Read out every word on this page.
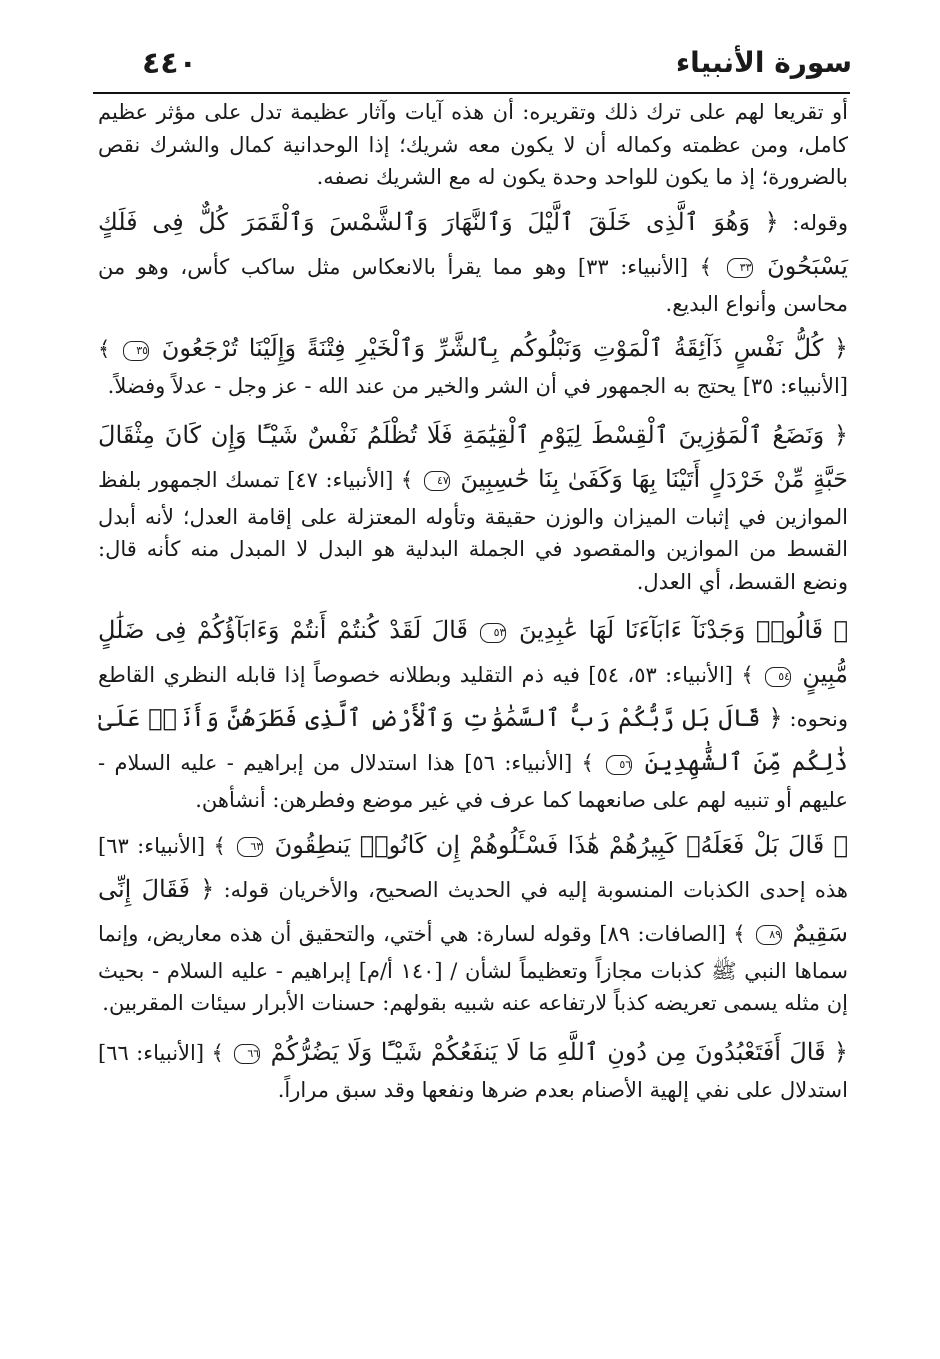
٤٤٠	سورة الأنبياء

أو تقريعا لهم على ترك ذلك وتقريره: أن هذه آيات وآثار عظيمة تدل على مؤثر عظيم كامل، ومن عظمته وكماله أن لا يكون معه شريك؛ إذا الوحدانية كمال والشرك نقص بالضرورة؛ إذ ما يكون للواحد وحدة يكون له مع الشريك نصفه.

وقوله: ﴿ وَهُوَ ٱلَّذِى خَلَقَ ٱلَّيْلَ وَٱلنَّهَارَ وَٱلشَّمْسَ وَٱلْقَمَرَ كُلٌّ فِى فَلَكٍ يَسْبَحُونَ ٣٣ ﴾ [الأنبياء: ٣٣] وهو مما يقرأ بالانعكاس مثل ساكب كأس، وهو من محاسن وأنواع البديع.

﴿ كُلُّ نَفْسٍ ذَآئِقَةُ ٱلْمَوْتِ وَنَبْلُوكُم بِٱلشَّرِّ وَٱلْخَيْرِ فِتْنَةً وَإِلَيْنَا تُرْجَعُونَ ٣٥ ﴾ [الأنبياء: ٣٥] يحتج به الجمهور في أن الشر والخير من عند الله - عز وجل - عدلاً وفضلاً.

﴿ وَنَضَعُ ٱلْمَوَٰزِينَ ٱلْقِسْطَ لِيَوْمِ ٱلْقِيَٰمَةِ فَلَا تُظْلَمُ نَفْسٌ شَيْـًٔا وَإِن كَانَ مِثْقَالَ حَبَّةٍ مِّنْ خَرْدَلٍ أَتَيْنَا بِهَا وَكَفَىٰ بِنَا حَٰسِبِينَ ٤٧ ﴾ [الأنبياء: ٤٧] تمسك الجمهور بلفظ الموازين في إثبات الميزان والوزن حقيقة وتأوله المعتزلة على إقامة العدل؛ لأنه أبدل القسط من الموازين والمقصود في الجملة البدلية هو البدل لا المبدل منه كأنه قال: ونضع القسط، أي العدل.

﴿ قَالُوا۟ وَجَدْنَآ ءَابَآءَنَا لَهَا عَٰبِدِينَ ٥٣ قَالَ لَقَدْ كُنتُمْ أَنتُمْ وَءَابَآؤُكُمْ فِى ضَلَٰلٍ مُّبِينٍ ٥٤ ﴾ [الأنبياء: ٥٣، ٥٤] فيه ذم التقليد وبطلانه خصوصاً إذا قابله النظري القاطع ونحوه: ﴿ قَالَ بَل رَّبُّكُمْ رَبُّ ٱلسَّمَٰوَٰتِ وَٱلْأَرْضِ ٱلَّذِى فَطَرَهُنَّ وَأَنَا۠ عَلَىٰ ذَٰلِكُم مِّنَ ٱلشَّٰهِدِينَ ٥٦ ﴾ [الأنبياء: ٥٦] هذا استدلال من إبراهيم - عليه السلام - عليهم أو تنبيه لهم على صانعهما كما عرف في غير موضع وفطرهن: أنشأهن.

﴿ قَالَ بَلْ فَعَلَهُۥ كَبِيرُهُمْ هَٰذَا فَسْـَٔلُوهُمْ إِن كَانُوا۟ يَنطِقُونَ ٦٣ ﴾ [الأنبياء: ٦٣] هذه إحدى الكذبات المنسوبة إليه في الحديث الصحيح، والأخريان قوله: ﴿ فَقَالَ إِنِّى سَقِيمٌ ٨٩ ﴾ [الصافات: ٨٩] وقوله لسارة: هي أختي، والتحقيق أن هذه معاريض، وإنما سماها النبي ﷺ كذبات مجازاً وتعظيماً لشأن / [١٤٠ أ/م] إبراهيم - عليه السلام - بحيث إن مثله يسمى تعريضه كذباً لارتفاعه عنه شبيه بقولهم: حسنات الأبرار سيئات المقربين.

﴿ قَالَ أَفَتَعْبُدُونَ مِن دُونِ ٱللَّهِ مَا لَا يَنفَعُكُمْ شَيْـًٔا وَلَا يَضُرُّكُمْ ٦٦ ﴾ [الأنبياء: ٦٦] استدلال على نفي إلهية الأصنام بعدم ضرها ونفعها وقد سبق مراراً.
